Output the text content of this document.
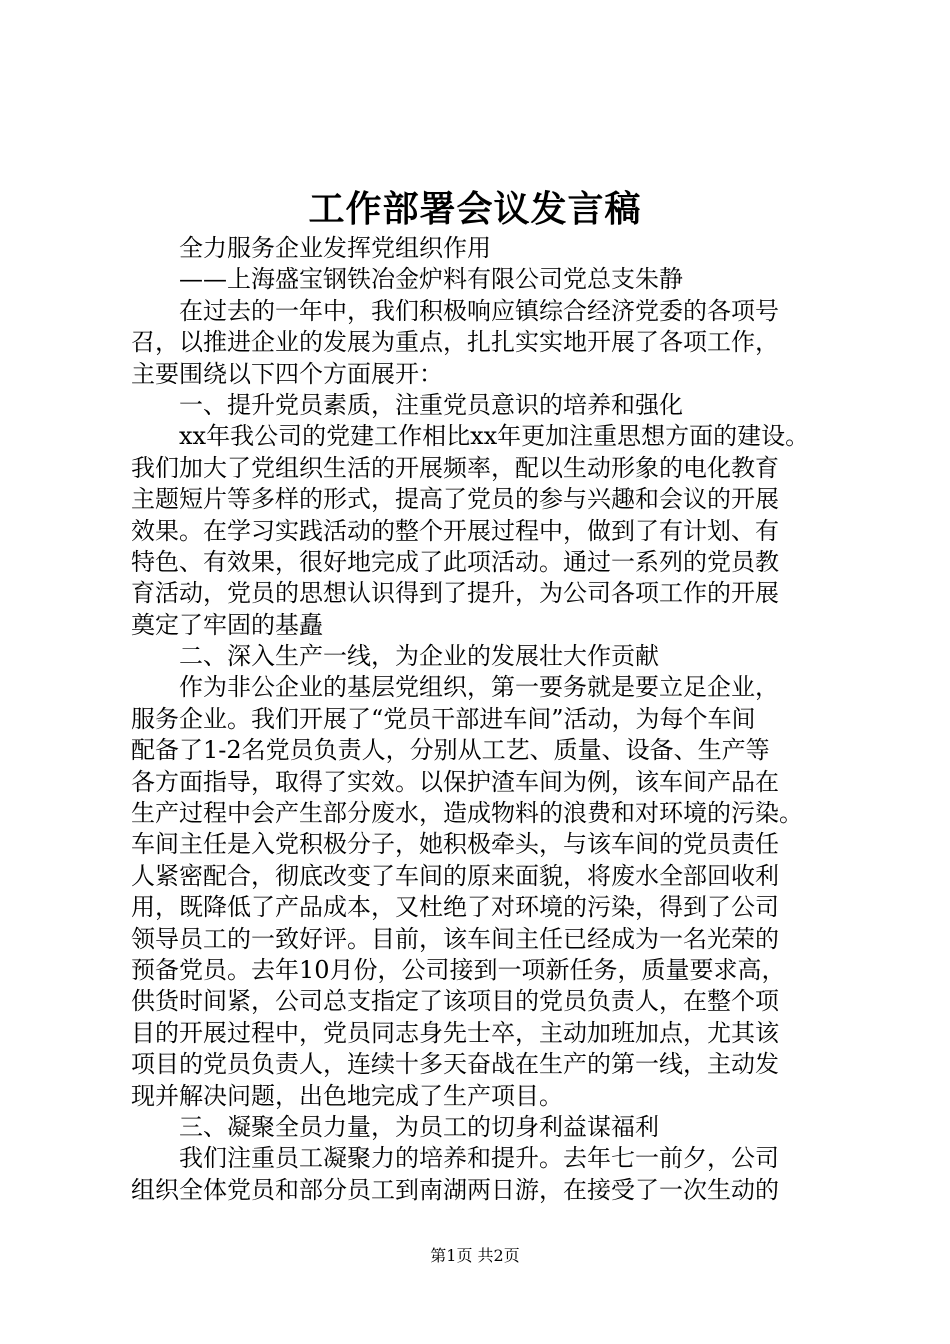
工作部署会议发言稿
全力服务企业发挥党组织作用
——上海盛宝钢铁冶金炉料有限公司党总支朱静
在过去的一年中，我们积极响应镇综合经济党委的各项号
召，以推进企业的发展为重点，扎扎实实地开展了各项工作，
主要围绕以下四个方面展开：
一、提升党员素质，注重党员意识的培养和强化
xx年我公司的党建工作相比xx年更加注重思想方面的建设。
我们加大了党组织生活的开展频率，配以生动形象的电化教育
主题短片等多样的形式，提高了党员的参与兴趣和会议的开展
效果。在学习实践活动的整个开展过程中，做到了有计划、有
特色、有效果，很好地完成了此项活动。通过一系列的党员教
育活动，党员的思想认识得到了提升，为公司各项工作的开展
奠定了牢固的基矗
二、深入生产一线，为企业的发展壮大作贡献
作为非公企业的基层党组织，第一要务就是要立足企业，
服务企业。我们开展了“党员干部进车间”活动，为每个车间
配备了1-2名党员负责人，分别从工艺、质量、设备、生产等
各方面指导，取得了实效。以保护渣车间为例，该车间产品在
生产过程中会产生部分废水，造成物料的浪费和对环境的污染。
车间主任是入党积极分子，她积极牵头，与该车间的党员责任
人紧密配合，彻底改变了车间的原来面貌，将废水全部回收利
用，既降低了产品成本，又杜绝了对环境的污染，得到了公司
领导员工的一致好评。目前，该车间主任已经成为一名光荣的
预备党员。去年10月份，公司接到一项新任务，质量要求高，
供货时间紧，公司总支指定了该项目的党员负责人，在整个项
目的开展过程中，党员同志身先士卒，主动加班加点，尤其该
项目的党员负责人，连续十多天奋战在生产的第一线，主动发
现并解决问题，出色地完成了生产项目。
三、凝聚全员力量，为员工的切身利益谋福利
我们注重员工凝聚力的培养和提升。去年七一前夕，公司
组织全体党员和部分员工到南湖两日游，在接受了一次生动的
第1页 共2页
